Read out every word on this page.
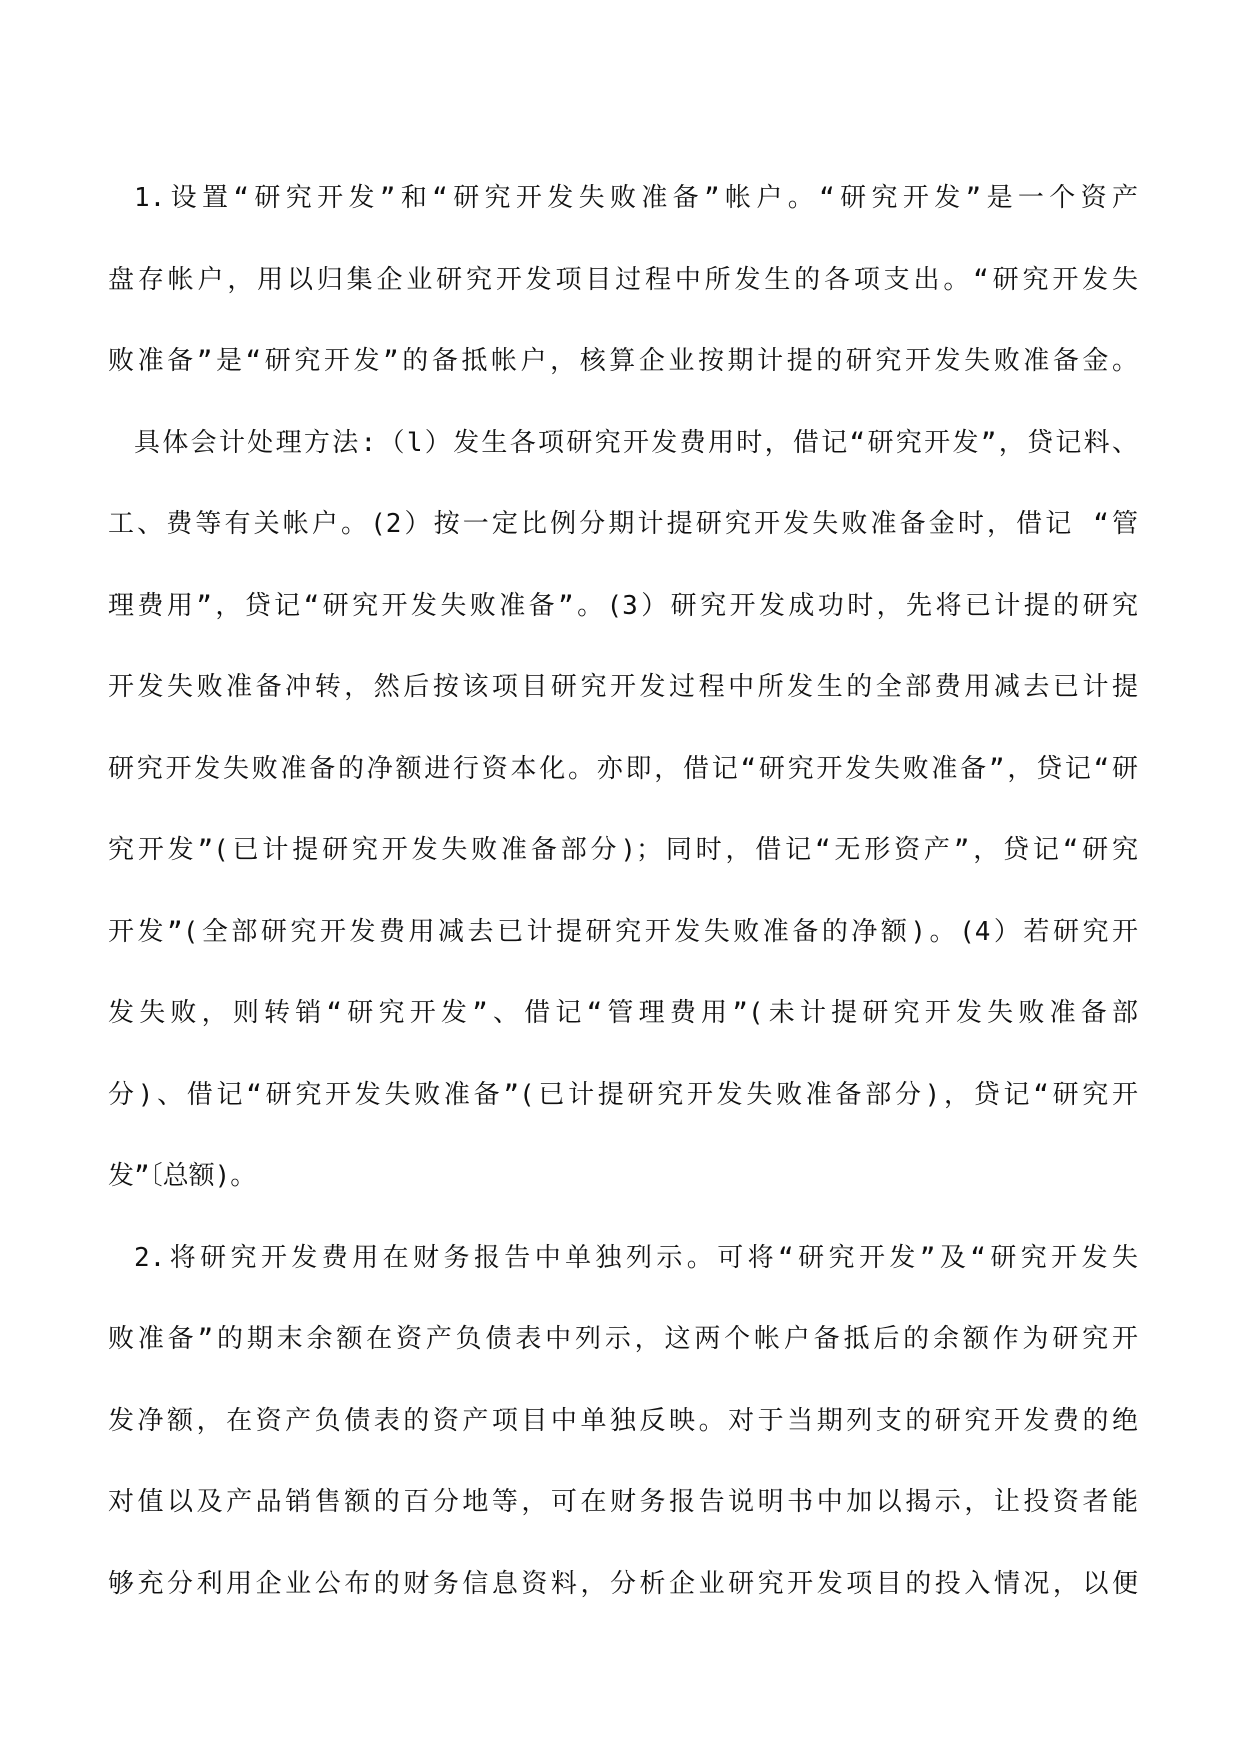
1.设置“研究开发”和“研究开发失败准备”帐户。“研究开发”是一个资产
盘存帐户，用以归集企业研究开发项目过程中所发生的各项支出。“研究开发失
败准备”是“研究开发”的备抵帐户，核算企业按期计提的研究开发失败准备金。
具体会计处理方法:（l）发生各项研究开发费用时，借记“研究开发”，贷记料、
工、费等有关帐户。(2）按一定比例分期计提研究开发失败准备金时，借记 “管
理费用”，贷记“研究开发失败准备”。(3）研究开发成功时，先将已计提的研究
开发失败准备冲转，然后按该项目研究开发过程中所发生的全部费用减去已计提
研究开发失败准备的净额进行资本化。亦即，借记“研究开发失败准备”，贷记“研
究开发”(已计提研究开发失败准备部分)；同时，借记“无形资产”，贷记“研究
开发”(全部研究开发费用减去已计提研究开发失败准备的净额)。(4）若研究开
发失败，则转销“研究开发”、借记“管理费用”(未计提研究开发失败准备部
分)、借记“研究开发失败准备”(已计提研究开发失败准备部分)，贷记“研究开
发”〔总额)。
2.将研究开发费用在财务报告中单独列示。可将“研究开发”及“研究开发失
败准备”的期末余额在资产负债表中列示，这两个帐户备抵后的余额作为研究开
发净额，在资产负债表的资产项目中单独反映。对于当期列支的研究开发费的绝
对值以及产品销售额的百分地等，可在财务报告说明书中加以揭示，让投资者能
够充分利用企业公布的财务信息资料，分析企业研究开发项目的投入情况，以便
